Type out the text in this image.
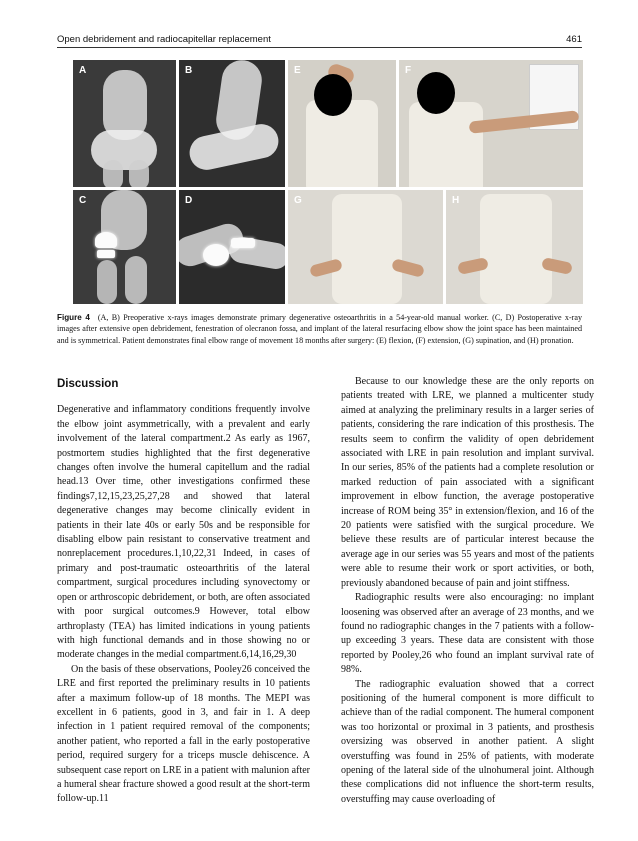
Open debridement and radiocapitellar replacement	461
A	B
C	D
E	F
G	H
Figure 4 (A, B) Preoperative x-rays images demonstrate primary degenerative osteoarthritis in a 54-year-old manual worker. (C, D) Postoperative x-ray images after extensive open debridement, fenestration of olecranon fossa, and implant of the lateral resurfacing elbow show the joint space has been maintained and is symmetrical. Patient demonstrates final elbow range of movement 18 months after surgery: (E) flexion, (F) extension, (G) supination, and (H) pronation.
Discussion

Degenerative and inflammatory conditions frequently involve the elbow joint asymmetrically, with a prevalent and early involvement of the lateral compartment.2 As early as 1967, postmortem studies highlighted that the first degenerative changes often involve the humeral capitellum and the radial head.13 Over time, other investigations confirmed these findings7,12,15,23,25,27,28 and showed that lateral degenerative changes may become clinically evident in patients in their late 40s or early 50s and be responsible for disabling elbow pain resistant to conservative treatment and nonreplacement procedures.1,10,22,31 Indeed, in cases of primary and post-traumatic osteoarthritis of the lateral compartment, surgical procedures including synovectomy or open or arthroscopic debridement, or both, are often associated with poor surgical outcomes.9 However, total elbow arthroplasty (TEA) has limited indications in young patients with high functional demands and in those showing no or moderate changes in the medial compartment.6,14,16,29,30

On the basis of these observations, Pooley26 conceived the LRE and first reported the preliminary results in 10 patients after a maximum follow-up of 18 months. The MEPI was excellent in 6 patients, good in 3, and fair in 1. A deep infection in 1 patient required removal of the components; another patient, who reported a fall in the early postoperative period, required surgery for a triceps muscle dehiscence. A subsequent case report on LRE in a patient with malunion after a humeral shear fracture showed a good result at the short-term follow-up.11

Because to our knowledge these are the only reports on patients treated with LRE, we planned a multicenter study aimed at analyzing the preliminary results in a larger series of patients, considering the rare indication of this prosthesis. The results seem to confirm the validity of open debridement associated with LRE in pain resolution and implant survival. In our series, 85% of the patients had a complete resolution or marked reduction of pain associated with a significant improvement in elbow function, the average postoperative increase of ROM being 35° in extension/flexion, and 16 of the 20 patients were satisfied with the surgical procedure. We believe these results are of particular interest because the average age in our series was 55 years and most of the patients were able to resume their work or sport activities, or both, previously abandoned because of pain and joint stiffness.

Radiographic results were also encouraging: no implant loosening was observed after an average of 23 months, and we found no radiographic changes in the 7 patients with a follow-up exceeding 3 years. These data are consistent with those reported by Pooley,26 who found an implant survival rate of 98%.

The radiographic evaluation showed that a correct positioning of the humeral component is more difficult to achieve than of the radial component. The humeral component was too horizontal or proximal in 3 patients, and prosthesis oversizing was observed in another patient. A slight overstuffing was found in 25% of patients, with moderate opening of the lateral side of the ulnohumeral joint. Although these complications did not influence the short-term results, overstuffing may cause overloading of
